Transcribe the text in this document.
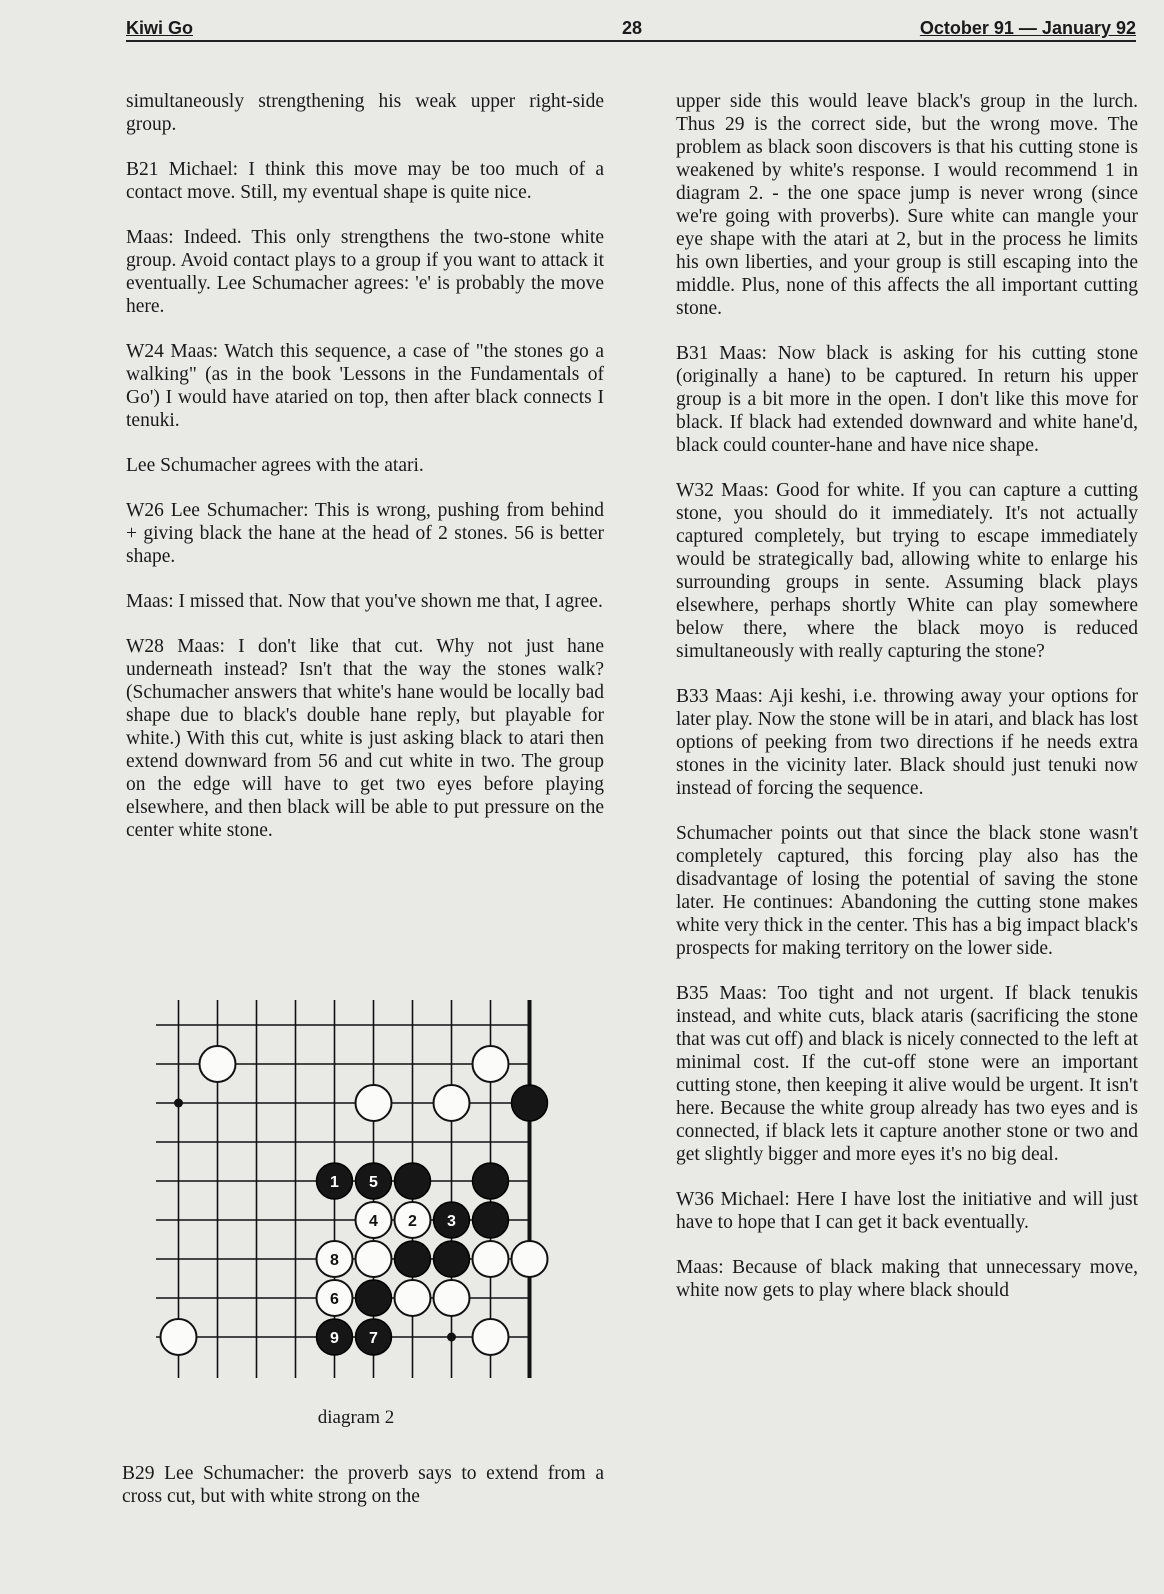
Kiwi Go	28	October 91 — January 92

simultaneously strengthening his weak upper right-side group.

B21 Michael: I think this move may be too much of a contact move. Still, my eventual shape is quite nice.

Maas: Indeed. This only strengthens the two-stone white group. Avoid contact plays to a group if you want to attack it eventually. Lee Schumacher agrees: 'e' is probably the move here.

W24 Maas: Watch this sequence, a case of "the stones go a walking" (as in the book 'Lessons in the Fundamentals of Go') I would have ataried on top, then after black connects I tenuki.

Lee Schumacher agrees with the atari.

W26 Lee Schumacher: This is wrong, pushing from behind + giving black the hane at the head of 2 stones. 56 is better shape.

Maas: I missed that. Now that you've shown me that, I agree.

W28 Maas: I don't like that cut. Why not just hane underneath instead? Isn't that the way the stones walk? (Schumacher answers that white's hane would be locally bad shape due to black's double hane reply, but playable for white.) With this cut, white is just asking black to atari then extend downward from 56 and cut white in two. The group on the edge will have to get two eyes before playing elsewhere, and then black will be able to put pressure on the center white stone.

1 5
4 2 3
8
6
9 7
diagram 2

B29 Lee Schumacher: the proverb says to extend from a cross cut, but with white strong on the

upper side this would leave black's group in the lurch. Thus 29 is the correct side, but the wrong move. The problem as black soon discovers is that his cutting stone is weakened by white's response. I would recommend 1 in diagram 2. - the one space jump is never wrong (since we're going with proverbs). Sure white can mangle your eye shape with the atari at 2, but in the process he limits his own liberties, and your group is still escaping into the middle. Plus, none of this affects the all important cutting stone.

B31 Maas: Now black is asking for his cutting stone (originally a hane) to be captured. In return his upper group is a bit more in the open. I don't like this move for black. If black had extended downward and white hane'd, black could counter-hane and have nice shape.

W32 Maas: Good for white. If you can capture a cutting stone, you should do it immediately. It's not actually captured completely, but trying to escape immediately would be strategically bad, allowing white to enlarge his surrounding groups in sente. Assuming black plays elsewhere, perhaps shortly White can play somewhere below there, where the black moyo is reduced simultaneously with really capturing the stone?

B33 Maas: Aji keshi, i.e. throwing away your options for later play. Now the stone will be in atari, and black has lost options of peeking from two directions if he needs extra stones in the vicinity later. Black should just tenuki now instead of forcing the sequence.

Schumacher points out that since the black stone wasn't completely captured, this forcing play also has the disadvantage of losing the potential of saving the stone later. He continues: Abandoning the cutting stone makes white very thick in the center. This has a big impact black's prospects for making territory on the lower side.

B35 Maas: Too tight and not urgent. If black tenukis instead, and white cuts, black ataris (sacrificing the stone that was cut off) and black is nicely connected to the left at minimal cost. If the cut-off stone were an important cutting stone, then keeping it alive would be urgent. It isn't here. Because the white group already has two eyes and is connected, if black lets it capture another stone or two and get slightly bigger and more eyes it's no big deal.

W36 Michael: Here I have lost the initiative and will just have to hope that I can get it back eventually.

Maas: Because of black making that unnecessary move, white now gets to play where black should
